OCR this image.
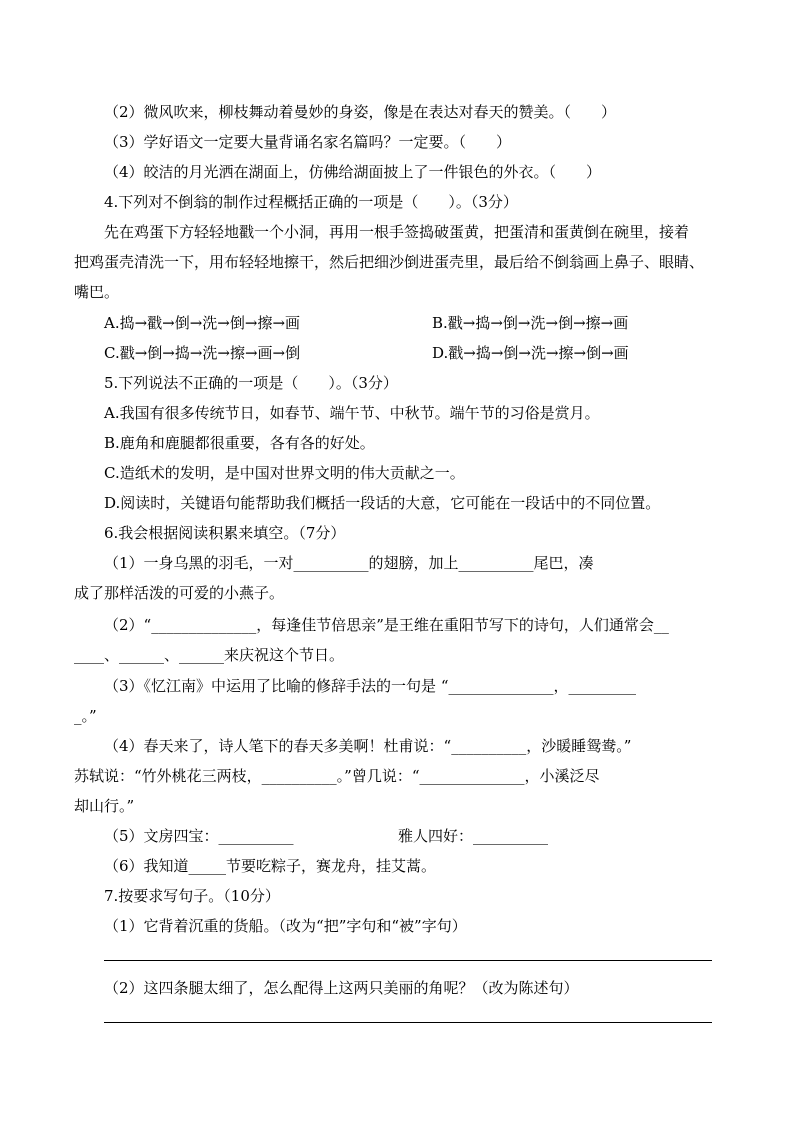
（2）微风吹来，柳枝舞动着曼妙的身姿，像是在表达对春天的赞美。（　　）
（3）学好语文一定要大量背诵名家名篇吗？一定要。（　　）
（4）皎洁的月光洒在湖面上，仿佛给湖面披上了一件银色的外衣。（　　）
4.下列对不倒翁的制作过程概括正确的一项是（　　）。（3分）
先在鸡蛋下方轻轻地戳一个小洞，再用一根手签捣破蛋黄，把蛋清和蛋黄倒在碗里，接着
把鸡蛋壳清洗一下，用布轻轻地擦干，然后把细沙倒进蛋壳里，最后给不倒翁画上鼻子、眼睛、
嘴巴。
A.捣→戳→倒→洗→倒→擦→画	B.戳→捣→倒→洗→倒→擦→画
C.戳→倒→捣→洗→擦→画→倒	D.戳→捣→倒→洗→擦→倒→画
5.下列说法不正确的一项是（　　）。（3分）
A.我国有很多传统节日，如春节、端午节、中秋节。端午节的习俗是赏月。
B.鹿角和鹿腿都很重要，各有各的好处。
C.造纸术的发明，是中国对世界文明的伟大贡献之一。
D.阅读时，关键语句能帮助我们概括一段话的大意，它可能在一段话中的不同位置。
6.我会根据阅读积累来填空。（7分）
（1）一身乌黑的羽毛，一对__________的翅膀，加上__________尾巴，凑
成了那样活泼的可爱的小燕子。
（2）“______________，每逢佳节倍思亲”是王维在重阳节写下的诗句，人们通常会__
____、______、______来庆祝这个节日。
（3）《忆江南》中运用了比喻的修辞手法的一句是 “______________，_________
_。”
（4）春天来了，诗人笔下的春天多美啊！杜甫说：“__________，沙暖睡鸳鸯。”
苏轼说：“竹外桃花三两枝，__________。”曾几说：“______________，小溪泛尽
却山行。”
（5）文房四宝：__________	雅人四好：__________
（6）我知道_____节要吃粽子，赛龙舟，挂艾蒿。
7.按要求写句子。（10分）
（1）它背着沉重的货船。（改为“把”字句和“被”字句）
（2）这四条腿太细了，怎么配得上这两只美丽的角呢？（改为陈述句）
